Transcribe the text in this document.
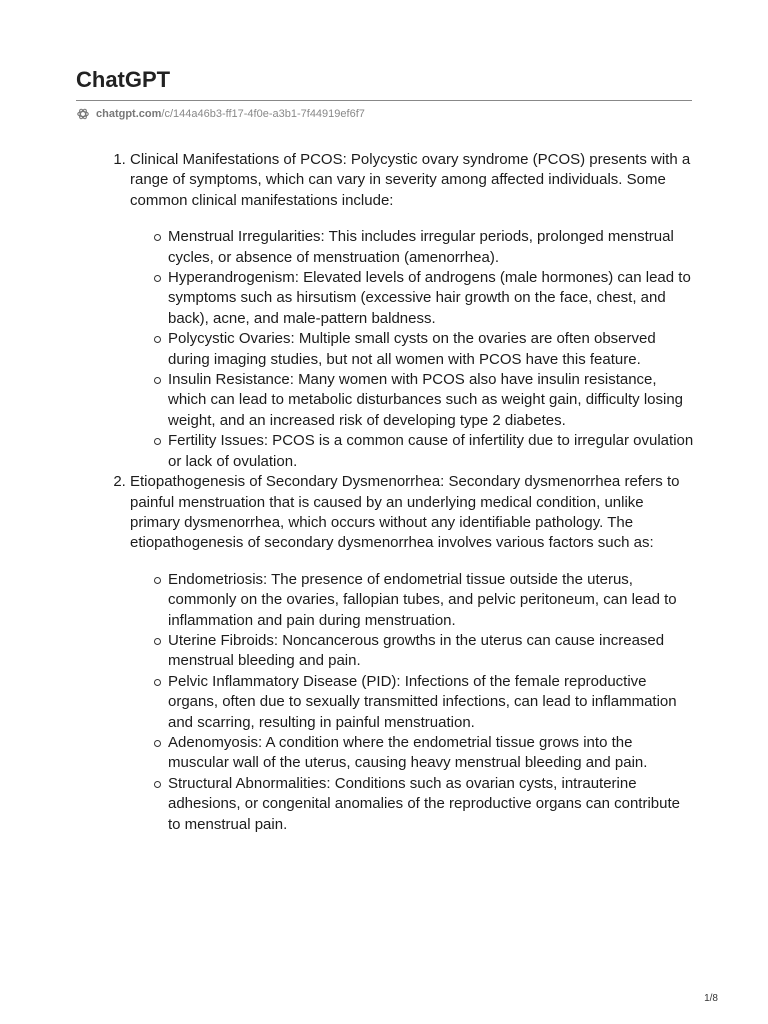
ChatGPT
chatgpt.com /c/144a46b3-ff17-4f0e-a3b1-7f44919ef6f7
1. Clinical Manifestations of PCOS: Polycystic ovary syndrome (PCOS) presents with a range of symptoms, which can vary in severity among affected individuals. Some common clinical manifestations include:
Menstrual Irregularities: This includes irregular periods, prolonged menstrual cycles, or absence of menstruation (amenorrhea).
Hyperandrogenism: Elevated levels of androgens (male hormones) can lead to symptoms such as hirsutism (excessive hair growth on the face, chest, and back), acne, and male-pattern baldness.
Polycystic Ovaries: Multiple small cysts on the ovaries are often observed during imaging studies, but not all women with PCOS have this feature.
Insulin Resistance: Many women with PCOS also have insulin resistance, which can lead to metabolic disturbances such as weight gain, difficulty losing weight, and an increased risk of developing type 2 diabetes.
Fertility Issues: PCOS is a common cause of infertility due to irregular ovulation or lack of ovulation.
2. Etiopathogenesis of Secondary Dysmenorrhea: Secondary dysmenorrhea refers to painful menstruation that is caused by an underlying medical condition, unlike primary dysmenorrhea, which occurs without any identifiable pathology. The etiopathogenesis of secondary dysmenorrhea involves various factors such as:
Endometriosis: The presence of endometrial tissue outside the uterus, commonly on the ovaries, fallopian tubes, and pelvic peritoneum, can lead to inflammation and pain during menstruation.
Uterine Fibroids: Noncancerous growths in the uterus can cause increased menstrual bleeding and pain.
Pelvic Inflammatory Disease (PID): Infections of the female reproductive organs, often due to sexually transmitted infections, can lead to inflammation and scarring, resulting in painful menstruation.
Adenomyosis: A condition where the endometrial tissue grows into the muscular wall of the uterus, causing heavy menstrual bleeding and pain.
Structural Abnormalities: Conditions such as ovarian cysts, intrauterine adhesions, or congenital anomalies of the reproductive organs can contribute to menstrual pain.
1/8
